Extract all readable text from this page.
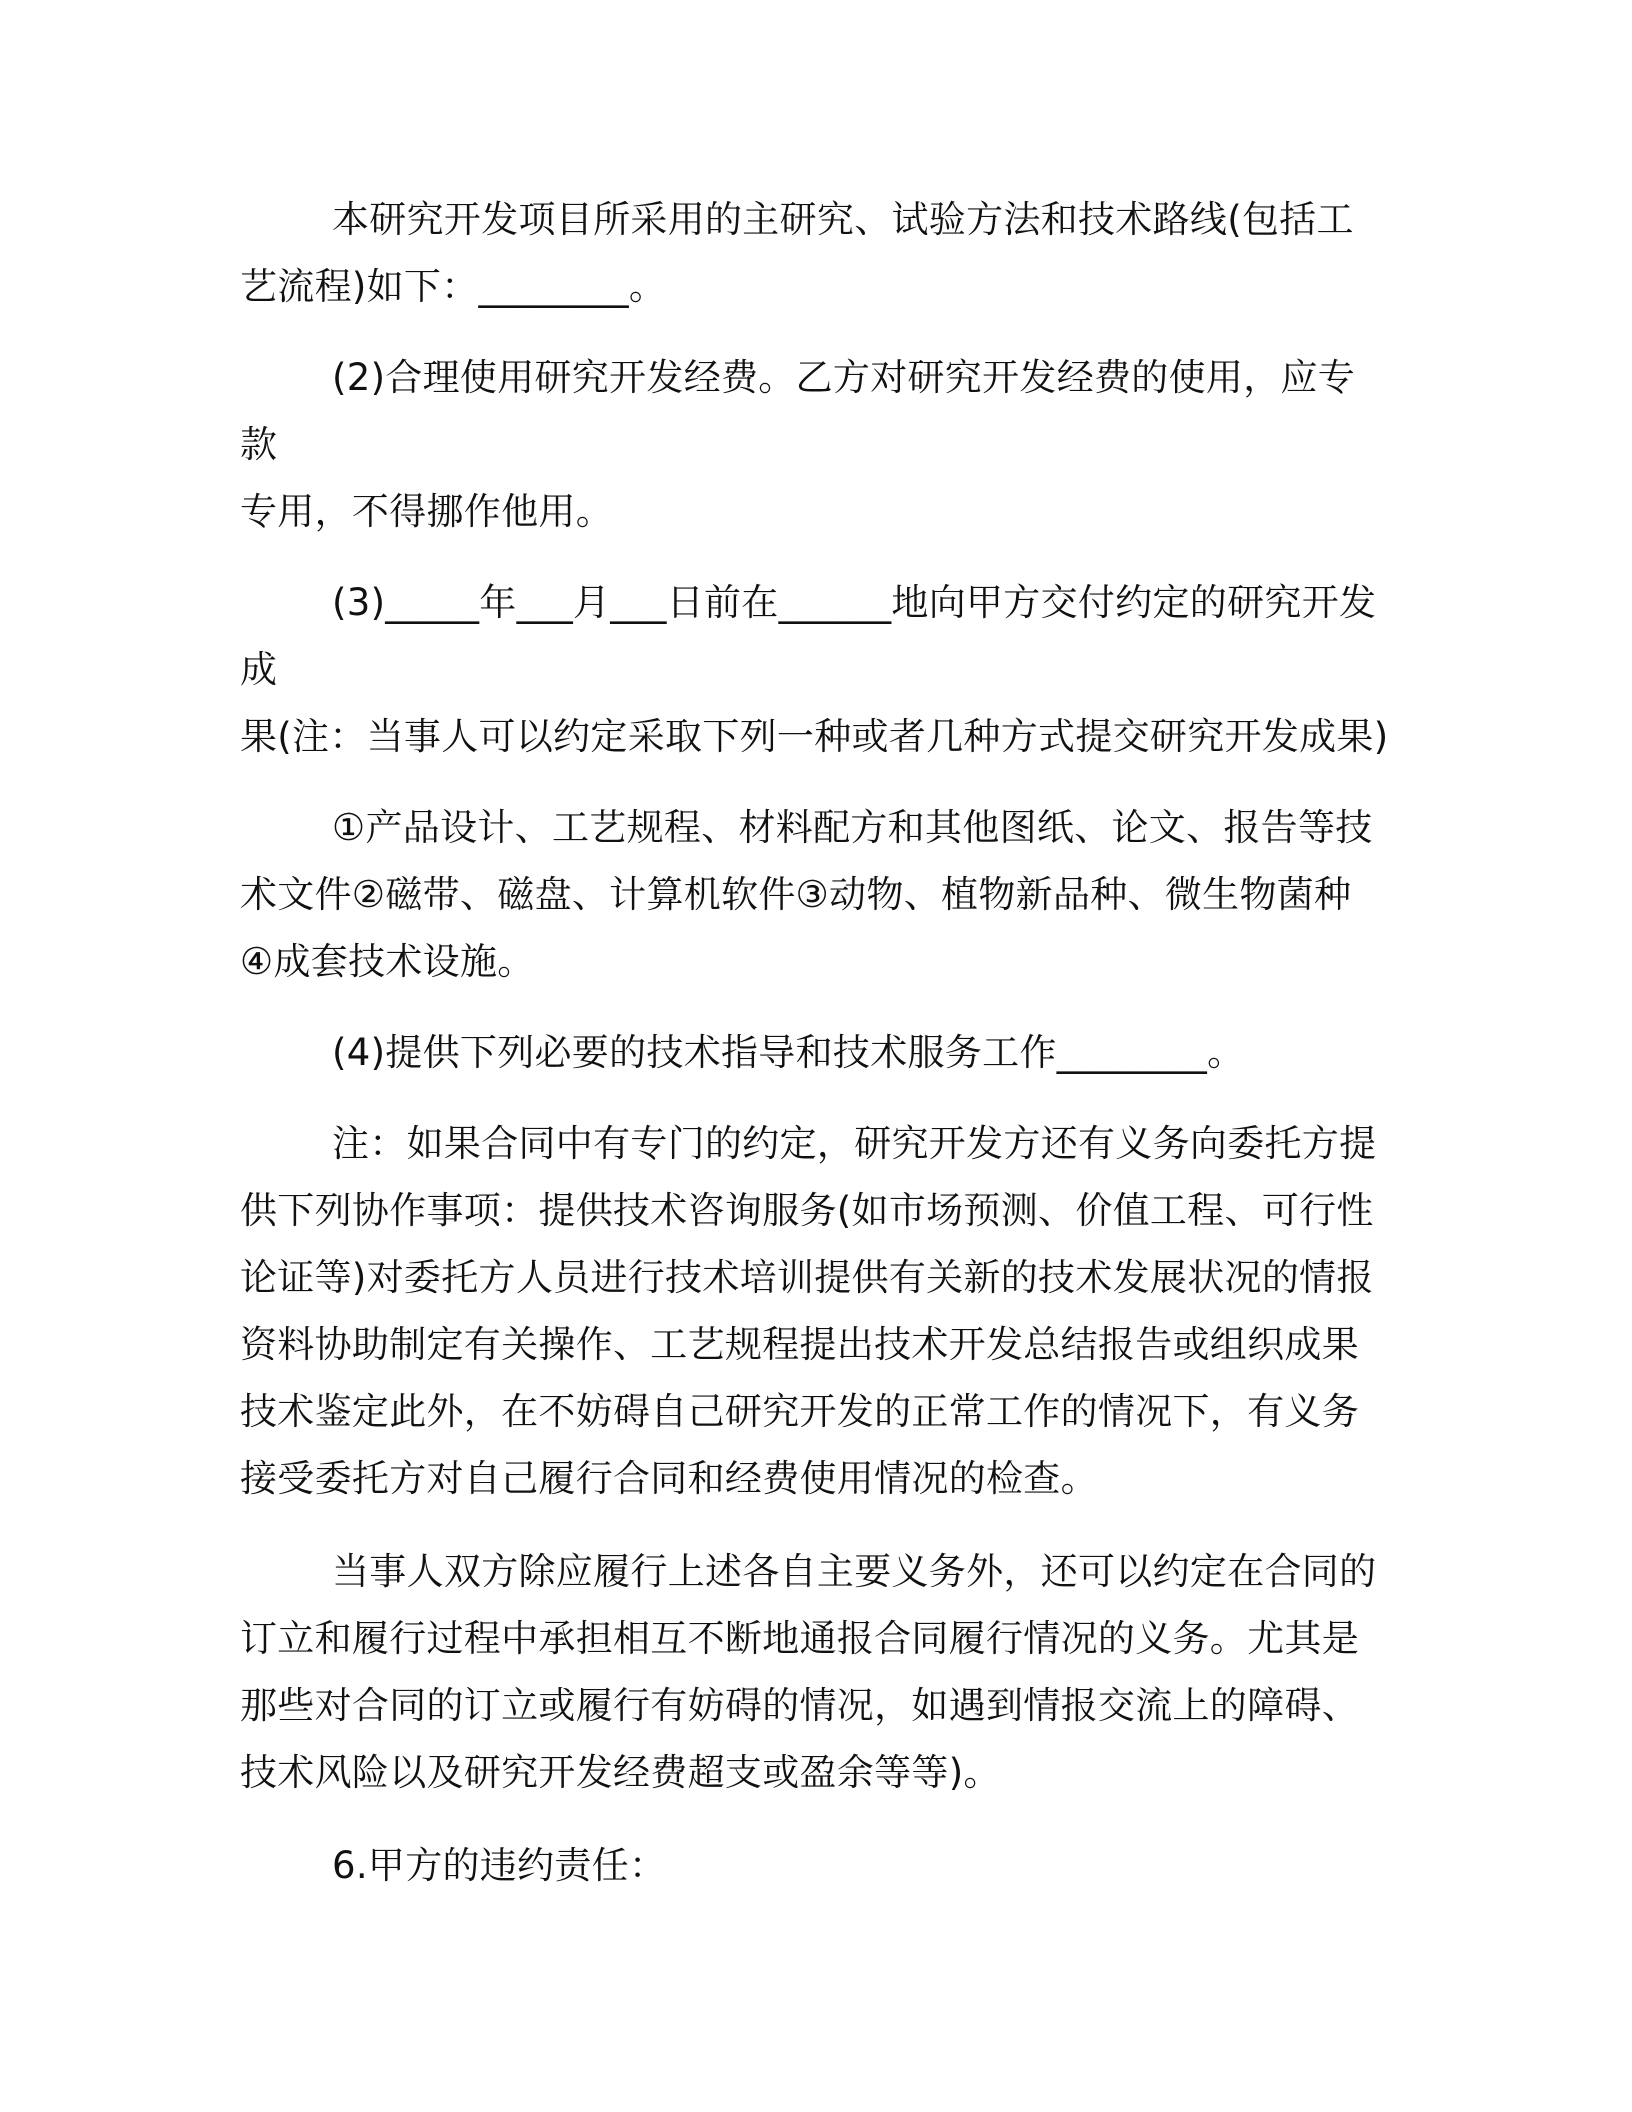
本研究开发项目所采用的主研究、试验方法和技术路线(包括工
艺流程)如下：________。

(2)合理使用研究开发经费。乙方对研究开发经费的使用，应专款
专用，不得挪作他用。

(3)_____年___月___日前在______地向甲方交付约定的研究开发成
果(注：当事人可以约定采取下列一种或者几种方式提交研究开发成果)

①产品设计、工艺规程、材料配方和其他图纸、论文、报告等技
术文件②磁带、磁盘、计算机软件③动物、植物新品种、微生物菌种
④成套技术设施。

(4)提供下列必要的技术指导和技术服务工作________。

注：如果合同中有专门的约定，研究开发方还有义务向委托方提
供下列协作事项：提供技术咨询服务(如市场预测、价值工程、可行性
论证等)对委托方人员进行技术培训提供有关新的技术发展状况的情报
资料协助制定有关操作、工艺规程提出技术开发总结报告或组织成果
技术鉴定此外，在不妨碍自己研究开发的正常工作的情况下，有义务
接受委托方对自己履行合同和经费使用情况的检查。

当事人双方除应履行上述各自主要义务外，还可以约定在合同的
订立和履行过程中承担相互不断地通报合同履行情况的义务。尤其是
那些对合同的订立或履行有妨碍的情况，如遇到情报交流上的障碍、
技术风险以及研究开发经费超支或盈余等等)。

6.甲方的违约责任：
